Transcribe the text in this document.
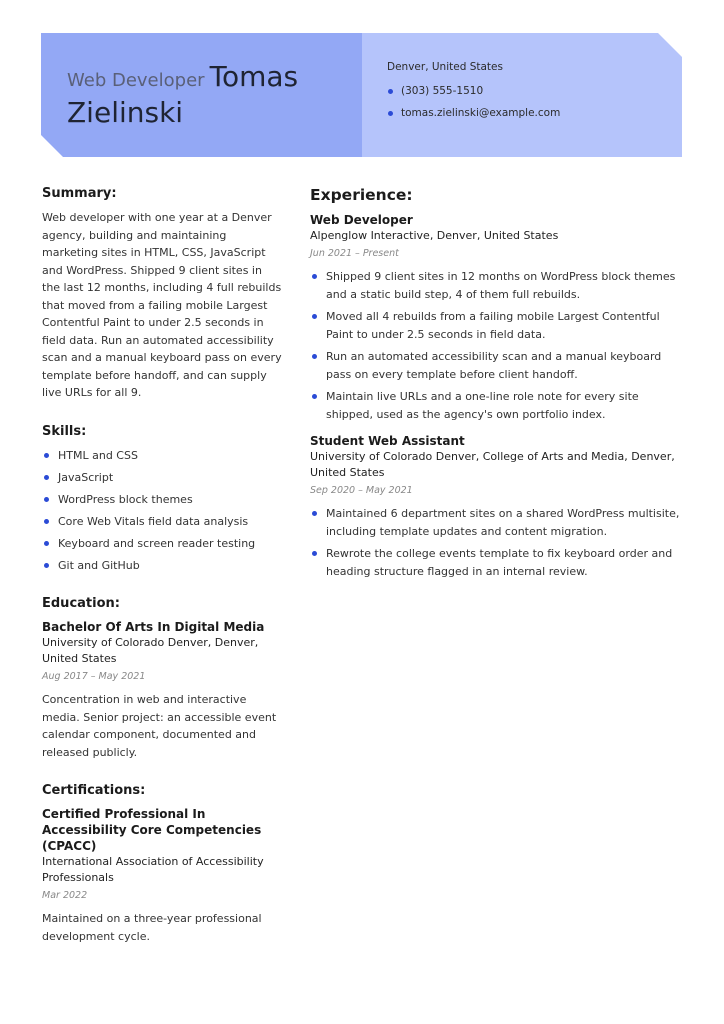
Web Developer Tomas Zielinski
Denver, United States
(303) 555-1510
tomas.zielinski@example.com
Summary:
Web developer with one year at a Denver agency, building and maintaining marketing sites in HTML, CSS, JavaScript and WordPress. Shipped 9 client sites in the last 12 months, including 4 full rebuilds that moved from a failing mobile Largest Contentful Paint to under 2.5 seconds in field data. Run an automated accessibility scan and a manual keyboard pass on every template before handoff, and can supply live URLs for all 9.
Skills:
HTML and CSS
JavaScript
WordPress block themes
Core Web Vitals field data analysis
Keyboard and screen reader testing
Git and GitHub
Education:
Bachelor Of Arts In Digital Media
University of Colorado Denver, Denver, United States
Aug 2017 – May 2021
Concentration in web and interactive media. Senior project: an accessible event calendar component, documented and released publicly.
Certifications:
Certified Professional In Accessibility Core Competencies (CPACC)
International Association of Accessibility Professionals
Mar 2022
Maintained on a three-year professional development cycle.
Experience:
Web Developer
Alpenglow Interactive, Denver, United States
Jun 2021 – Present
Shipped 9 client sites in 12 months on WordPress block themes and a static build step, 4 of them full rebuilds.
Moved all 4 rebuilds from a failing mobile Largest Contentful Paint to under 2.5 seconds in field data.
Run an automated accessibility scan and a manual keyboard pass on every template before client handoff.
Maintain live URLs and a one-line role note for every site shipped, used as the agency's own portfolio index.
Student Web Assistant
University of Colorado Denver, College of Arts and Media, Denver, United States
Sep 2020 – May 2021
Maintained 6 department sites on a shared WordPress multisite, including template updates and content migration.
Rewrote the college events template to fix keyboard order and heading structure flagged in an internal review.
